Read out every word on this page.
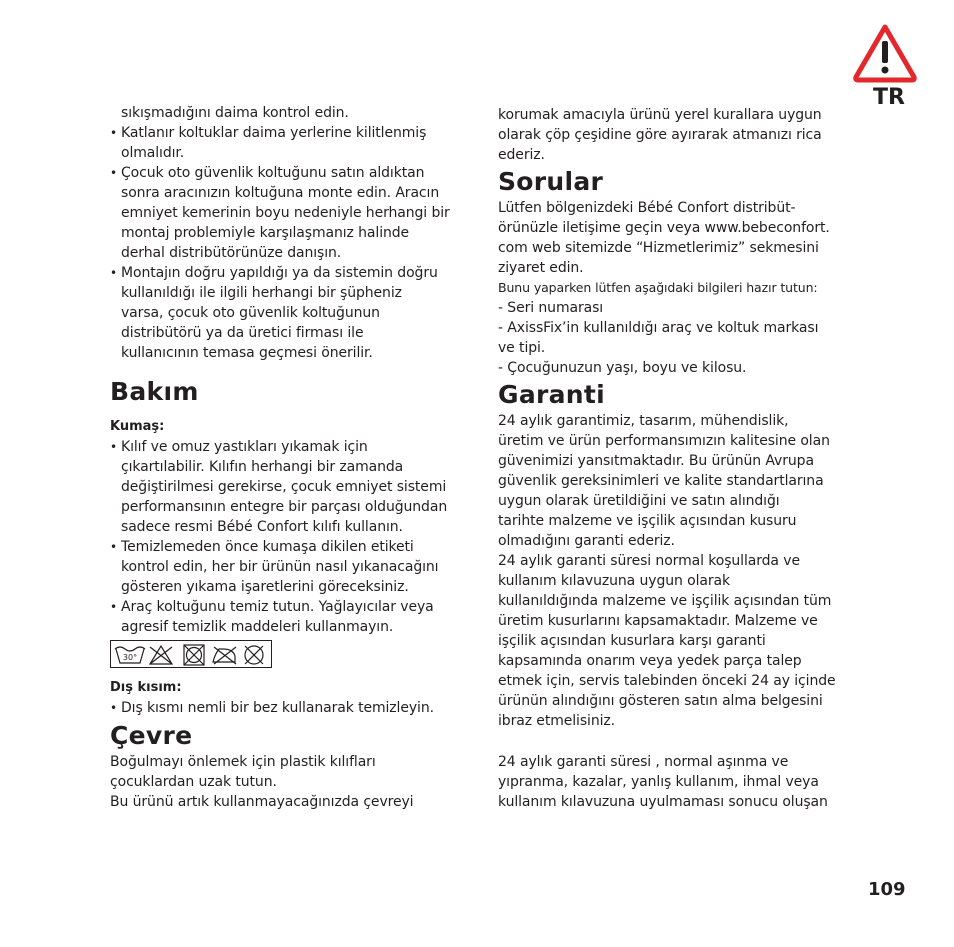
TR
sıkışmadığını daima kontrol edin.
• Katlanır koltuklar daima yerlerine kilitlenmiş
olmalıdır.
• Çocuk oto güvenlik koltuğunu satın aldıktan
sonra aracınızın koltuğuna monte edin. Aracın
emniyet kemerinin boyu nedeniyle herhangi bir
montaj problemiyle karşılaşmanız halinde
derhal distribütörünüze danışın.
• Montajın doğru yapıldığı ya da sistemin doğru
kullanıldığı ile ilgili herhangi bir şüpheniz
varsa, çocuk oto güvenlik koltuğunun
distribütörü ya da üretici firması ile
kullanıcının temasa geçmesi önerilir.
Bakım
Kumaş:
• Kılıf ve omuz yastıkları yıkamak için
çıkartılabilir. Kılıfın herhangi bir zamanda
değiştirilmesi gerekirse, çocuk emniyet sistemi
performansının entegre bir parçası olduğundan
sadece resmi Bébé Confort kılıfı kullanın.
• Temizlemeden önce kumaşa dikilen etiketi
kontrol edin, her bir ürünün nasıl yıkanacağını
gösteren yıkama işaretlerini göreceksiniz.
• Araç koltuğunu temiz tutun. Yağlayıcılar veya
agresif temizlik maddeleri kullanmayın.
30°
Dış kısım:
• Dış kısmı nemli bir bez kullanarak temizleyin.
Çevre
Boğulmayı önlemek için plastik kılıfları
çocuklardan uzak tutun.
Bu ürünü artık kullanmayacağınızda çevreyi
korumak amacıyla ürünü yerel kurallara uygun
olarak çöp çeşidine göre ayırarak atmanızı rica
ederiz.
Sorular
Lütfen bölgenizdeki Bébé Confort distribüt-
örünüzle iletişime geçin veya www.bebeconfort.
com web sitemizde “Hizmetlerimiz” sekmesini
ziyaret edin.
Bunu yaparken lütfen aşağıdaki bilgileri hazır tutun:
- Seri numarası
- AxissFix’in kullanıldığı araç ve koltuk markası
ve tipi.
- Çocuğunuzun yaşı, boyu ve kilosu.
Garanti
24 aylık garantimiz, tasarım, mühendislik,
üretim ve ürün performansımızın kalitesine olan
güvenimizi yansıtmaktadır. Bu ürünün Avrupa
güvenlik gereksinimleri ve kalite standartlarına
uygun olarak üretildiğini ve satın alındığı
tarihte malzeme ve işçilik açısından kusuru
olmadığını garanti ederiz.
24 aylık garanti süresi normal koşullarda ve
kullanım kılavuzuna uygun olarak
kullanıldığında malzeme ve işçilik açısından tüm
üretim kusurlarını kapsamaktadır. Malzeme ve
işçilik açısından kusurlara karşı garanti
kapsamında onarım veya yedek parça talep
etmek için, servis talebinden önceki 24 ay içinde
ürünün alındığını gösteren satın alma belgesini
ibraz etmelisiniz.
24 aylık garanti süresi , normal aşınma ve
yıpranma, kazalar, yanlış kullanım, ihmal veya
kullanım kılavuzuna uyulmaması sonucu oluşan
109
